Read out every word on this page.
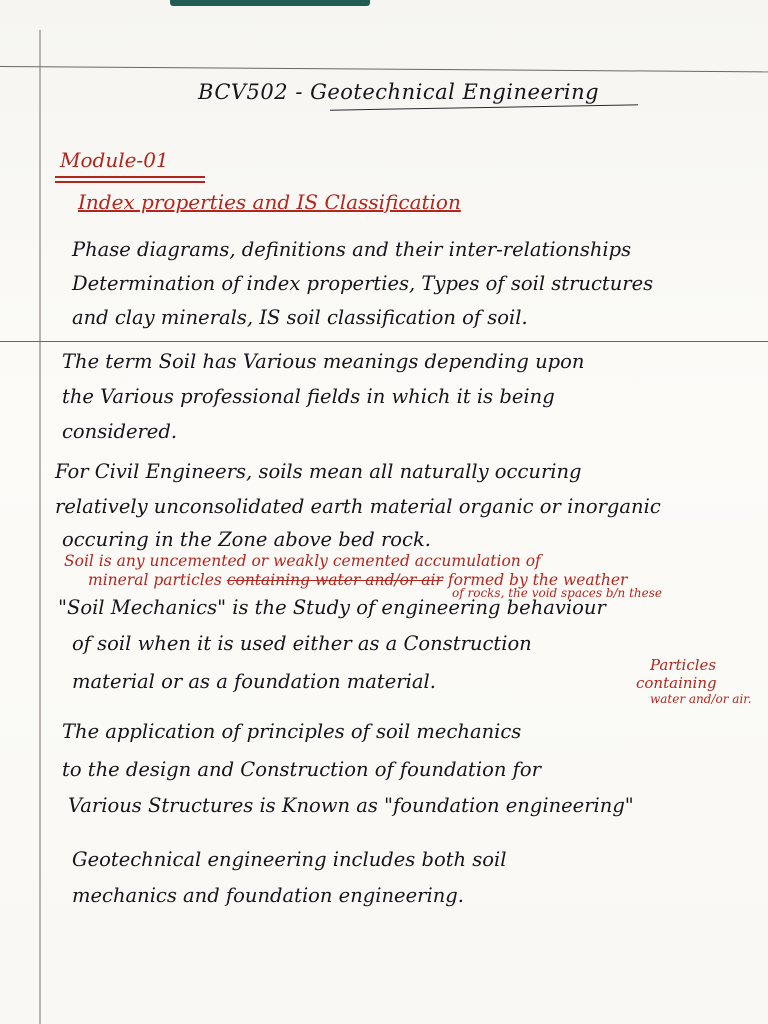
BCV502 - Geotechnical Engineering

Module-01

Index properties and IS Classification

Phase diagrams, definitions and their inter-relationships

Determination of index properties, Types of soil structures

and clay minerals, IS soil classification of soil.

The term Soil has Various meanings depending upon

the Various professional fields in which it is being

considered.

For Civil Engineers, soils mean all naturally occuring

relatively unconsolidated earth material organic or inorganic

occuring in the Zone above bed rock.

Soil is any uncemented or weakly cemented accumulation of

mineral particles containing water and/or air formed by the weather

of rocks, the void spaces b/n these

"Soil Mechanics" is the Study of engineering behaviour

of soil when it is used either as a Construction

material or as a foundation material.

Particles

containing

water and/or air.

The application of principles of soil mechanics

to the design and Construction of foundation for

Various Structures is Known as "foundation engineering"

Geotechnical engineering includes both soil

mechanics and foundation engineering.
